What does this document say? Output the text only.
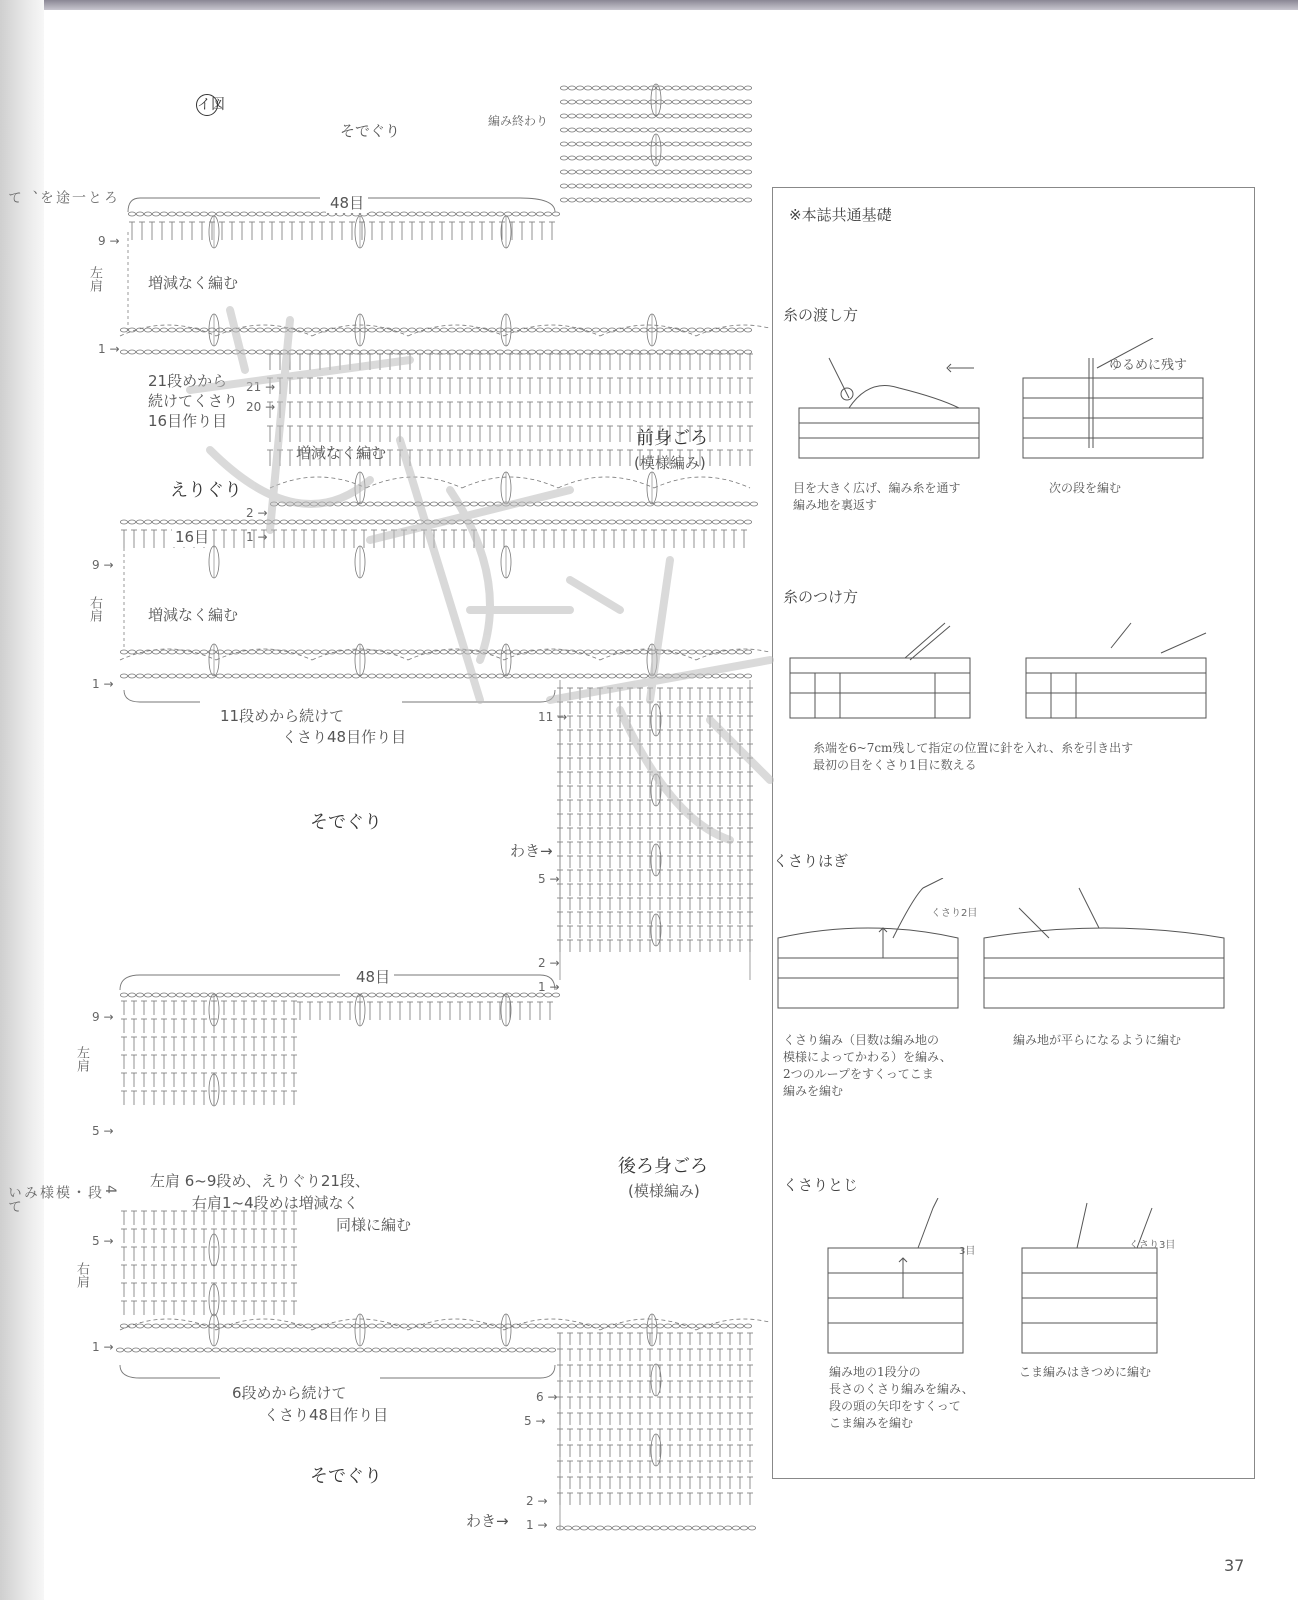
ろ
と
一
途
を
、
て
4
段
・
模
様
み
いて
イ図
そでぐり
編み終わり
48目
左肩	増減なく編む
21段めから
続けてくさり
16目作り目
増減なく編む
前身ごろ
(模様編み)
えりぐり
16目
右肩	増減なく編む
11段めから続けて
くさり48目作り目
そでぐり
わき→
48目
左肩
左肩 6~9段め、えりぐり21段、
右肩1~4段めは増減なく
同様に編む
後ろ身ごろ
(模様編み)
右肩
6段めから続けて
くさり48目作り目
そでぐり
わき→
9 →
1 →
21 →
20 →
2 →
1 →
9 →
1 →
11 →
5 →
2 →
1 →
9 →
5 →
5 →
1 →
6 →
5 →
2 →
1 →
※本誌共通基礎
糸の渡し方
ゆるめに残す
目を大きく広げ、編み糸を通す
編み地を裏返す
次の段を編む
糸のつけ方
糸端を6~7cm残して指定の位置に針を入れ、糸を引き出す
最初の目をくさり1目に数える
くさりはぎ
くさり2目
くさり編み（目数は編み地の
模様によってかわる）を編み、
2つのループをすくってこま
編みを編む
編み地が平らになるように編む
くさりとじ
3目
くさり3目
編み地の1段分の
長さのくさり編みを編み、
段の頭の矢印をすくって
こま編みを編む
こま編みはきつめに編む
37
